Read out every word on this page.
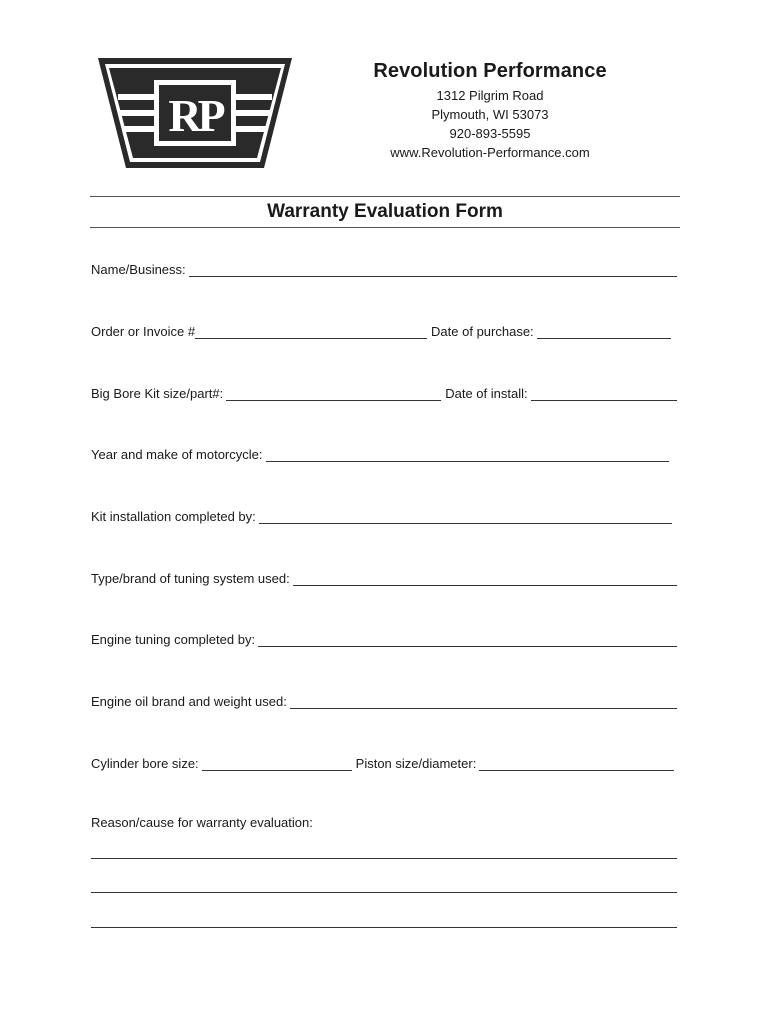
RP
Revolution Performance
1312 Pilgrim Road
Plymouth, WI 53073
920-893-5595
www.Revolution-Performance.com
Warranty Evaluation Form
Name/Business:
Order or Invoice #	Date of purchase:
Big Bore Kit size/part#:	Date of install:
Year and make of motorcycle:
Kit installation completed by:
Type/brand of tuning system used:
Engine tuning completed by:
Engine oil brand and weight used:
Cylinder bore size:	Piston size/diameter:
Reason/cause for warranty evaluation:
